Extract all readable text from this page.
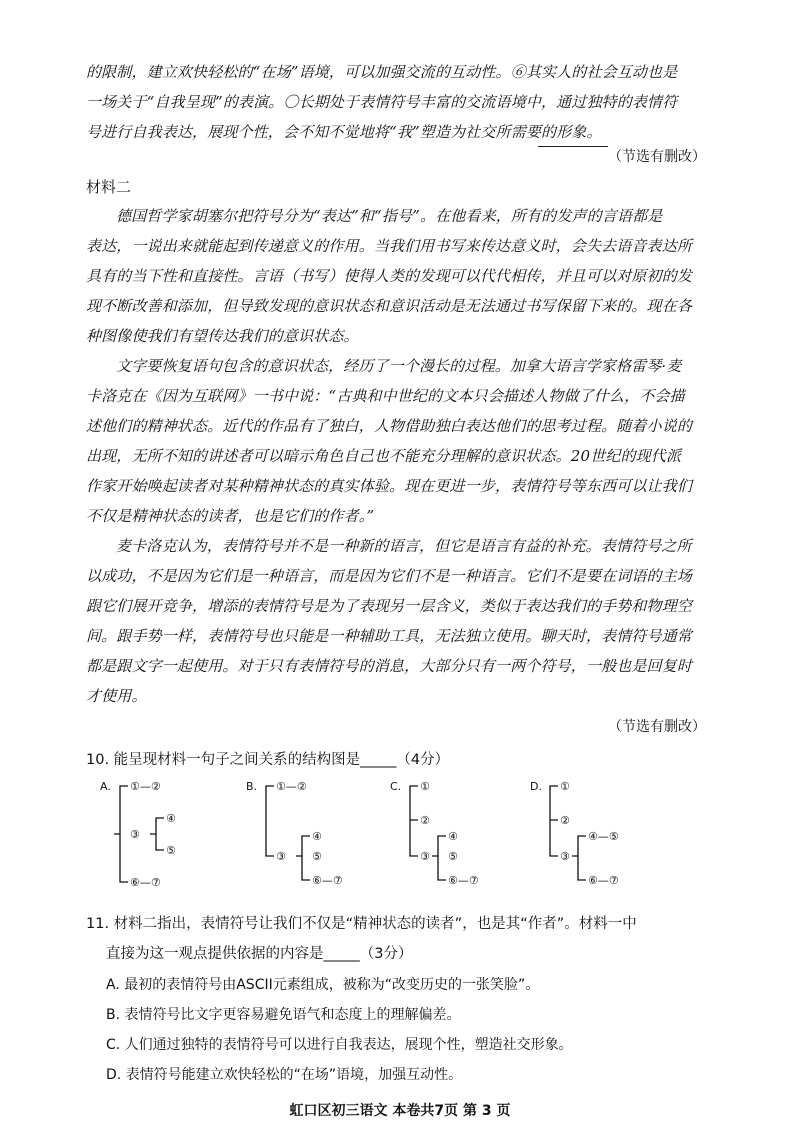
的限制，建立欢快轻松的“在场”语境，可以加强交流的互动性。⑥其实人的社会互动也是
一场关于“自我呈现”的表演。〇长期处于表情符号丰富的交流语境中，通过独特的表情符
号进行自我表达，展现个性，会不知不觉地将“我”塑造为社交所需要的形象。
（节选有删改）
材料二
德国哲学家胡塞尔把符号分为“表达”和“指号”。在他看来，所有的发声的言语都是
表达，一说出来就能起到传递意义的作用。当我们用书写来传达意义时，会失去语音表达所
具有的当下性和直接性。言语（书写）使得人类的发现可以代代相传，并且可以对原初的发
现不断改善和添加，但导致发现的意识状态和意识活动是无法通过书写保留下来的。现在各
种图像使我们有望传达我们的意识状态。
文字要恢复语句包含的意识状态，经历了一个漫长的过程。加拿大语言学家格雷琴·麦
卡洛克在《因为互联网》一书中说：“古典和中世纪的文本只会描述人物做了什么，不会描
述他们的精神状态。近代的作品有了独白，人物借助独白表达他们的思考过程。随着小说的
出现，无所不知的讲述者可以暗示角色自己也不能充分理解的意识状态。20世纪的现代派
作家开始唤起读者对某种精神状态的真实体验。现在更进一步，表情符号等东西可以让我们
不仅是精神状态的读者，也是它们的作者。”
麦卡洛克认为，表情符号并不是一种新的语言，但它是语言有益的补充。表情符号之所
以成功，不是因为它们是一种语言，而是因为它们不是一种语言。它们不是要在词语的主场
跟它们展开竞争，增添的表情符号是为了表现另一层含义，类似于表达我们的手势和物理空
间。跟手势一样，表情符号也只能是一种辅助工具，无法独立使用。聊天时，表情符号通常
都是跟文字一起使用。对于只有表情符号的消息，大部分只有一两个符号，一般也是回复时
才使用。
（节选有删改）
10. 能呈现材料一句子之间关系的结构图是_____（4分）
A. ①—②
③
④
⑤
⑥—⑦
B. ①—②
③
④
⑤
⑥—⑦
C. ①
②
③
④
⑤
⑥—⑦
D. ①
②
③
④—⑤
⑥—⑦
11. 材料二指出，表情符号让我们不仅是“精神状态的读者”，也是其“作者”。材料一中
直接为这一观点提供依据的内容是_____（3分）
A. 最初的表情符号由ASCII元素组成，被称为“改变历史的一张笑脸”。
B. 表情符号比文字更容易避免语气和态度上的理解偏差。
C. 人们通过独特的表情符号可以进行自我表达，展现个性，塑造社交形象。
D. 表情符号能建立欢快轻松的“在场”语境，加强互动性。
虹口区初三语文 本卷共7页 第 3 页
